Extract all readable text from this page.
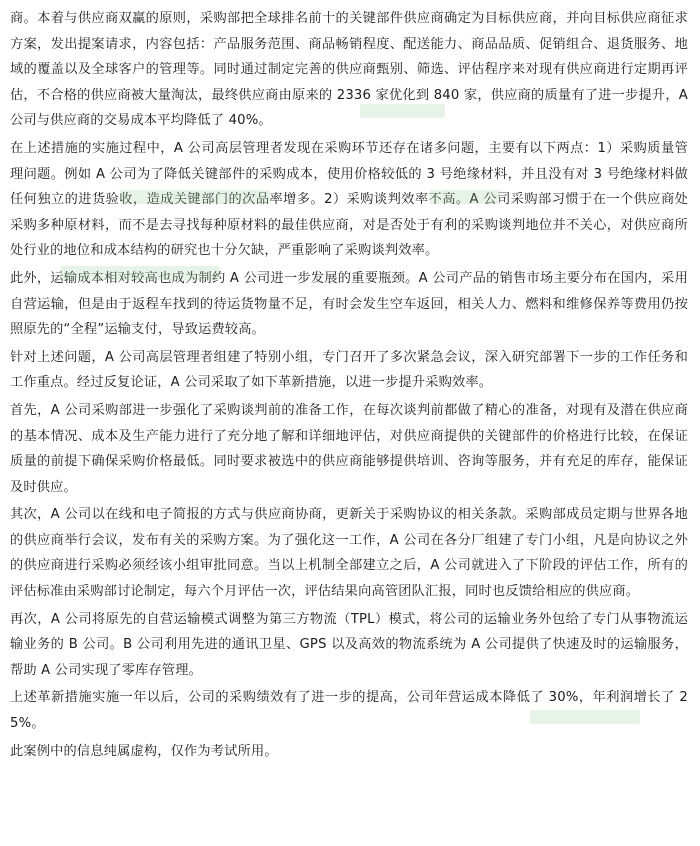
商。本着与供应商双赢的原则，采购部把全球排名前十的关键部件供应商确定为目标供应商，并向目标供应商征求方案，发出提案请求，内容包括：产品服务范围、商品畅销程度、配送能力、商品品质、促销组合、退货服务、地域的覆盖以及全球客户的管理等。同时通过制定完善的供应商甄别、筛选、评估程序来对现有供应商进行定期再评估，不合格的供应商被大量淘汰，最终供应商由原来的 2336 家优化到 840 家，供应商的质量有了进一步提升，A 公司与供应商的交易成本平均降低了 40%。

在上述措施的实施过程中，A 公司高层管理者发现在采购环节还存在诸多问题，主要有以下两点：1）采购质量管理问题。例如 A 公司为了降低关键部件的采购成本，使用价格较低的 3 号绝缘材料，并且没有对 3 号绝缘材料做任何独立的进货验收，造成关键部门的次品率增多。2）采购谈判效率不高。A 公司采购部习惯于在一个供应商处采购多种原材料，而不是去寻找每种原材料的最佳供应商，对是否处于有利的采购谈判地位并不关心，对供应商所处行业的地位和成本结构的研究也十分欠缺，严重影响了采购谈判效率。

此外，运输成本相对较高也成为制约 A 公司进一步发展的重要瓶颈。A 公司产品的销售市场主要分布在国内，采用自营运输，但是由于返程车找到的待运货物量不足，有时会发生空车返回，相关人力、燃料和维修保养等费用仍按照原先的“全程”运输支付，导致运费较高。

针对上述问题，A 公司高层管理者组建了特别小组，专门召开了多次紧急会议，深入研究部署下一步的工作任务和工作重点。经过反复论证，A 公司采取了如下革新措施，以进一步提升采购效率。

首先，A 公司采购部进一步强化了采购谈判前的准备工作，在每次谈判前都做了精心的准备，对现有及潜在供应商的基本情况、成本及生产能力进行了充分地了解和详细地评估，对供应商提供的关键部件的价格进行比较，在保证质量的前提下确保采购价格最低。同时要求被选中的供应商能够提供培训、咨询等服务，并有充足的库存，能保证及时供应。

其次，A 公司以在线和电子简报的方式与供应商协商，更新关于采购协议的相关条款。采购部成员定期与世界各地的供应商举行会议，发布有关的采购方案。为了强化这一工作，A 公司在各分厂组建了专门小组，凡是向协议之外的供应商进行采购必须经该小组审批同意。当以上机制全部建立之后，A 公司就进入了下阶段的评估工作，所有的评估标准由采购部讨论制定，每六个月评估一次，评估结果向高管团队汇报，同时也反馈给相应的供应商。

再次，A 公司将原先的自营运输模式调整为第三方物流（TPL）模式，将公司的运输业务外包给了专门从事物流运输业务的 B 公司。B 公司利用先进的通讯卫星、GPS 以及高效的物流系统为 A 公司提供了快速及时的运输服务，帮助 A 公司实现了零库存管理。

上述革新措施实施一年以后，公司的采购绩效有了进一步的提高，公司年营运成本降低了 30%，年利润增长了 25%。

此案例中的信息纯属虚构，仅作为考试所用。
